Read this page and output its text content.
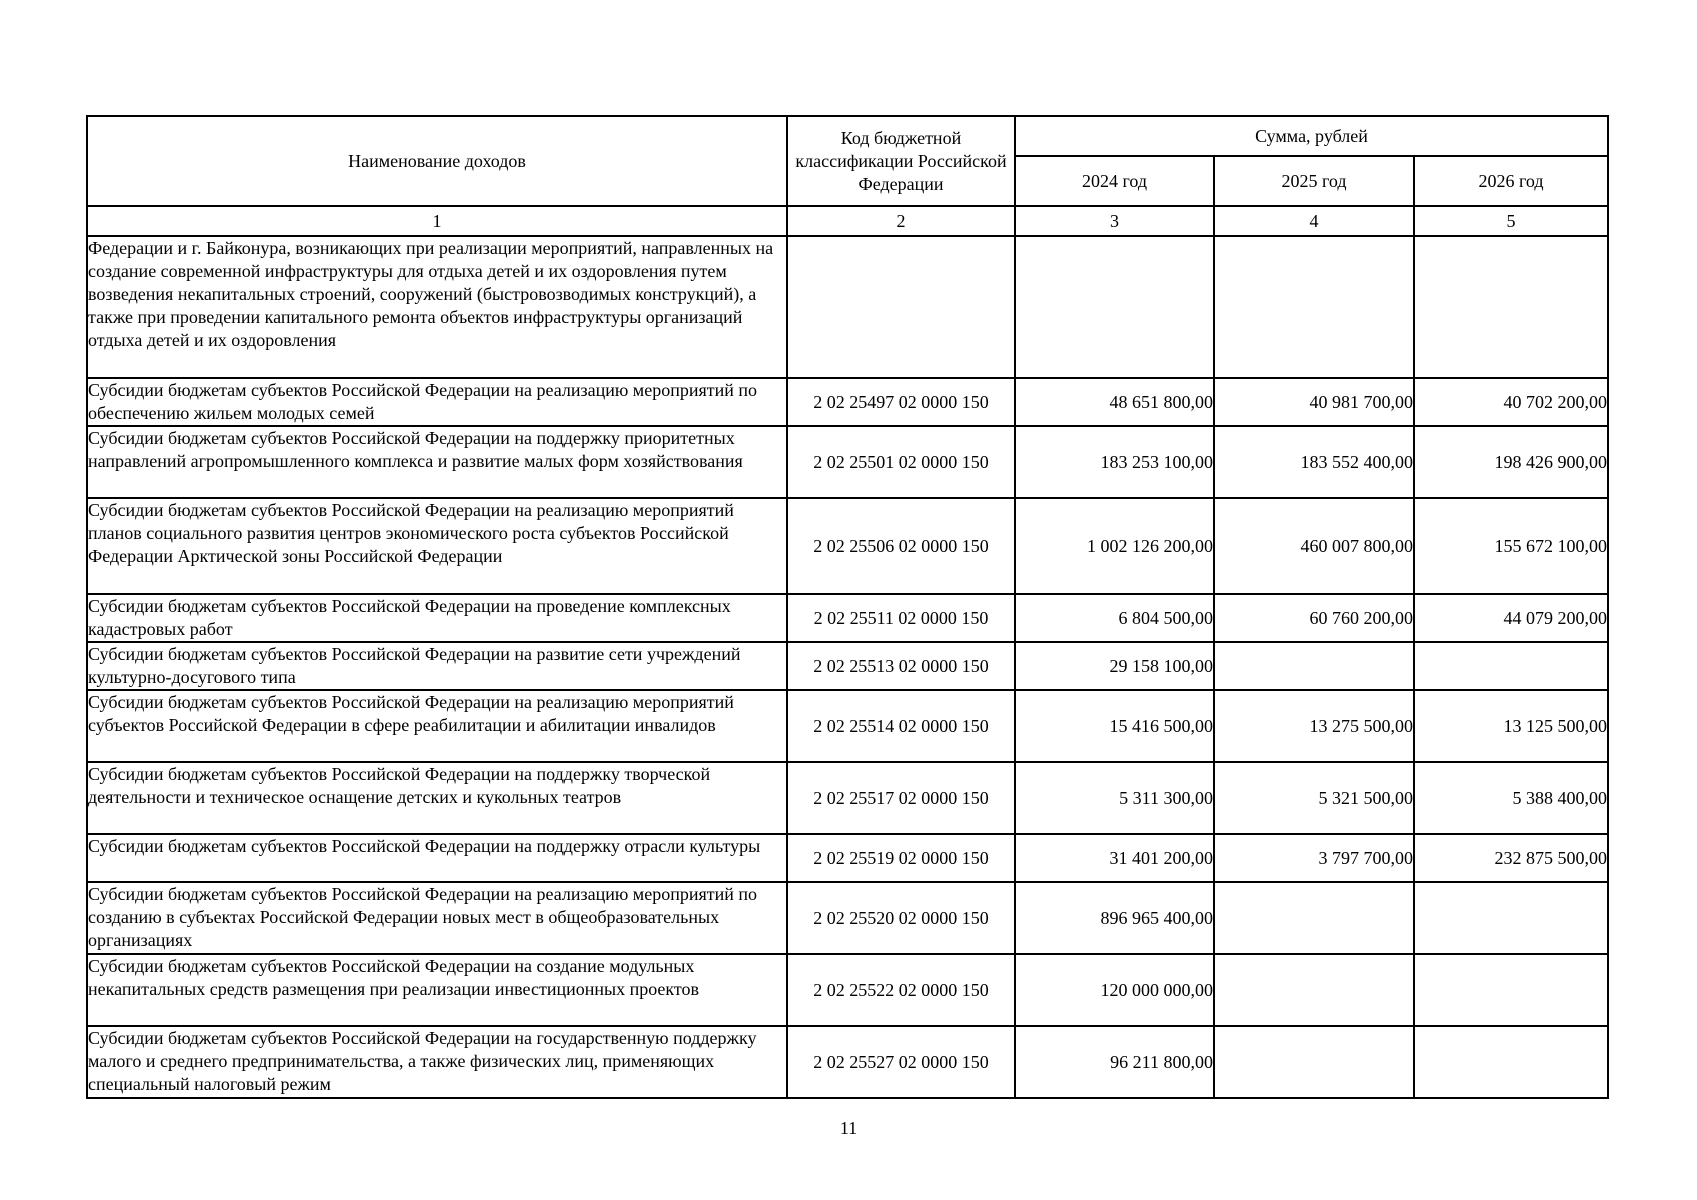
Наименование доходов	Код бюджетной классификации Российской Федерации	Сумма, рублей		
		2024 год	2025 год	2026 год
1	2	3	4	5
Федерации и г. Байконура, возникающих при реализации мероприятий, направленных на создание современной инфраструктуры для отдыха детей и их оздоровления путем возведения некапитальных строений, сооружений (быстровозводимых конструкций), а также при проведении капитального ремонта объектов инфраструктуры организаций отдыха детей и их оздоровления				
Субсидии бюджетам субъектов Российской Федерации на реализацию мероприятий по обеспечению жильем молодых семей	2 02 25497 02 0000 150	48 651 800,00	40 981 700,00	40 702 200,00
Субсидии бюджетам субъектов Российской Федерации на поддержку приоритетных направлений агропромышленного комплекса и развитие малых форм хозяйствования	2 02 25501 02 0000 150	183 253 100,00	183 552 400,00	198 426 900,00
Субсидии бюджетам субъектов Российской Федерации на реализацию мероприятий планов социального развития центров экономического роста субъектов Российской Федерации Арктической зоны Российской Федерации	2 02 25506 02 0000 150	1 002 126 200,00	460 007 800,00	155 672 100,00
Субсидии бюджетам субъектов Российской Федерации на проведение комплексных кадастровых работ	2 02 25511 02 0000 150	6 804 500,00	60 760 200,00	44 079 200,00
Субсидии бюджетам субъектов Российской Федерации на развитие сети учреждений культурно-досугового типа	2 02 25513 02 0000 150	29 158 100,00		
Субсидии бюджетам субъектов Российской Федерации на реализацию мероприятий субъектов Российской Федерации в сфере реабилитации и абилитации инвалидов	2 02 25514 02 0000 150	15 416 500,00	13 275 500,00	13 125 500,00
Субсидии бюджетам субъектов Российской Федерации на поддержку творческой деятельности и техническое оснащение детских и кукольных театров	2 02 25517 02 0000 150	5 311 300,00	5 321 500,00	5 388 400,00
Субсидии бюджетам субъектов Российской Федерации на поддержку отрасли культуры	2 02 25519 02 0000 150	31 401 200,00	3 797 700,00	232 875 500,00
Субсидии бюджетам субъектов Российской Федерации на реализацию мероприятий по созданию в субъектах Российской Федерации новых мест в общеобразовательных организациях	2 02 25520 02 0000 150	896 965 400,00		
Субсидии бюджетам субъектов Российской Федерации на создание модульных некапитальных средств размещения при реализации инвестиционных проектов	2 02 25522 02 0000 150	120 000 000,00		
Субсидии бюджетам субъектов Российской Федерации на государственную поддержку малого и среднего предпринимательства, а также физических лиц, применяющих специальный налоговый режим	2 02 25527 02 0000 150	96 211 800,00		
11
